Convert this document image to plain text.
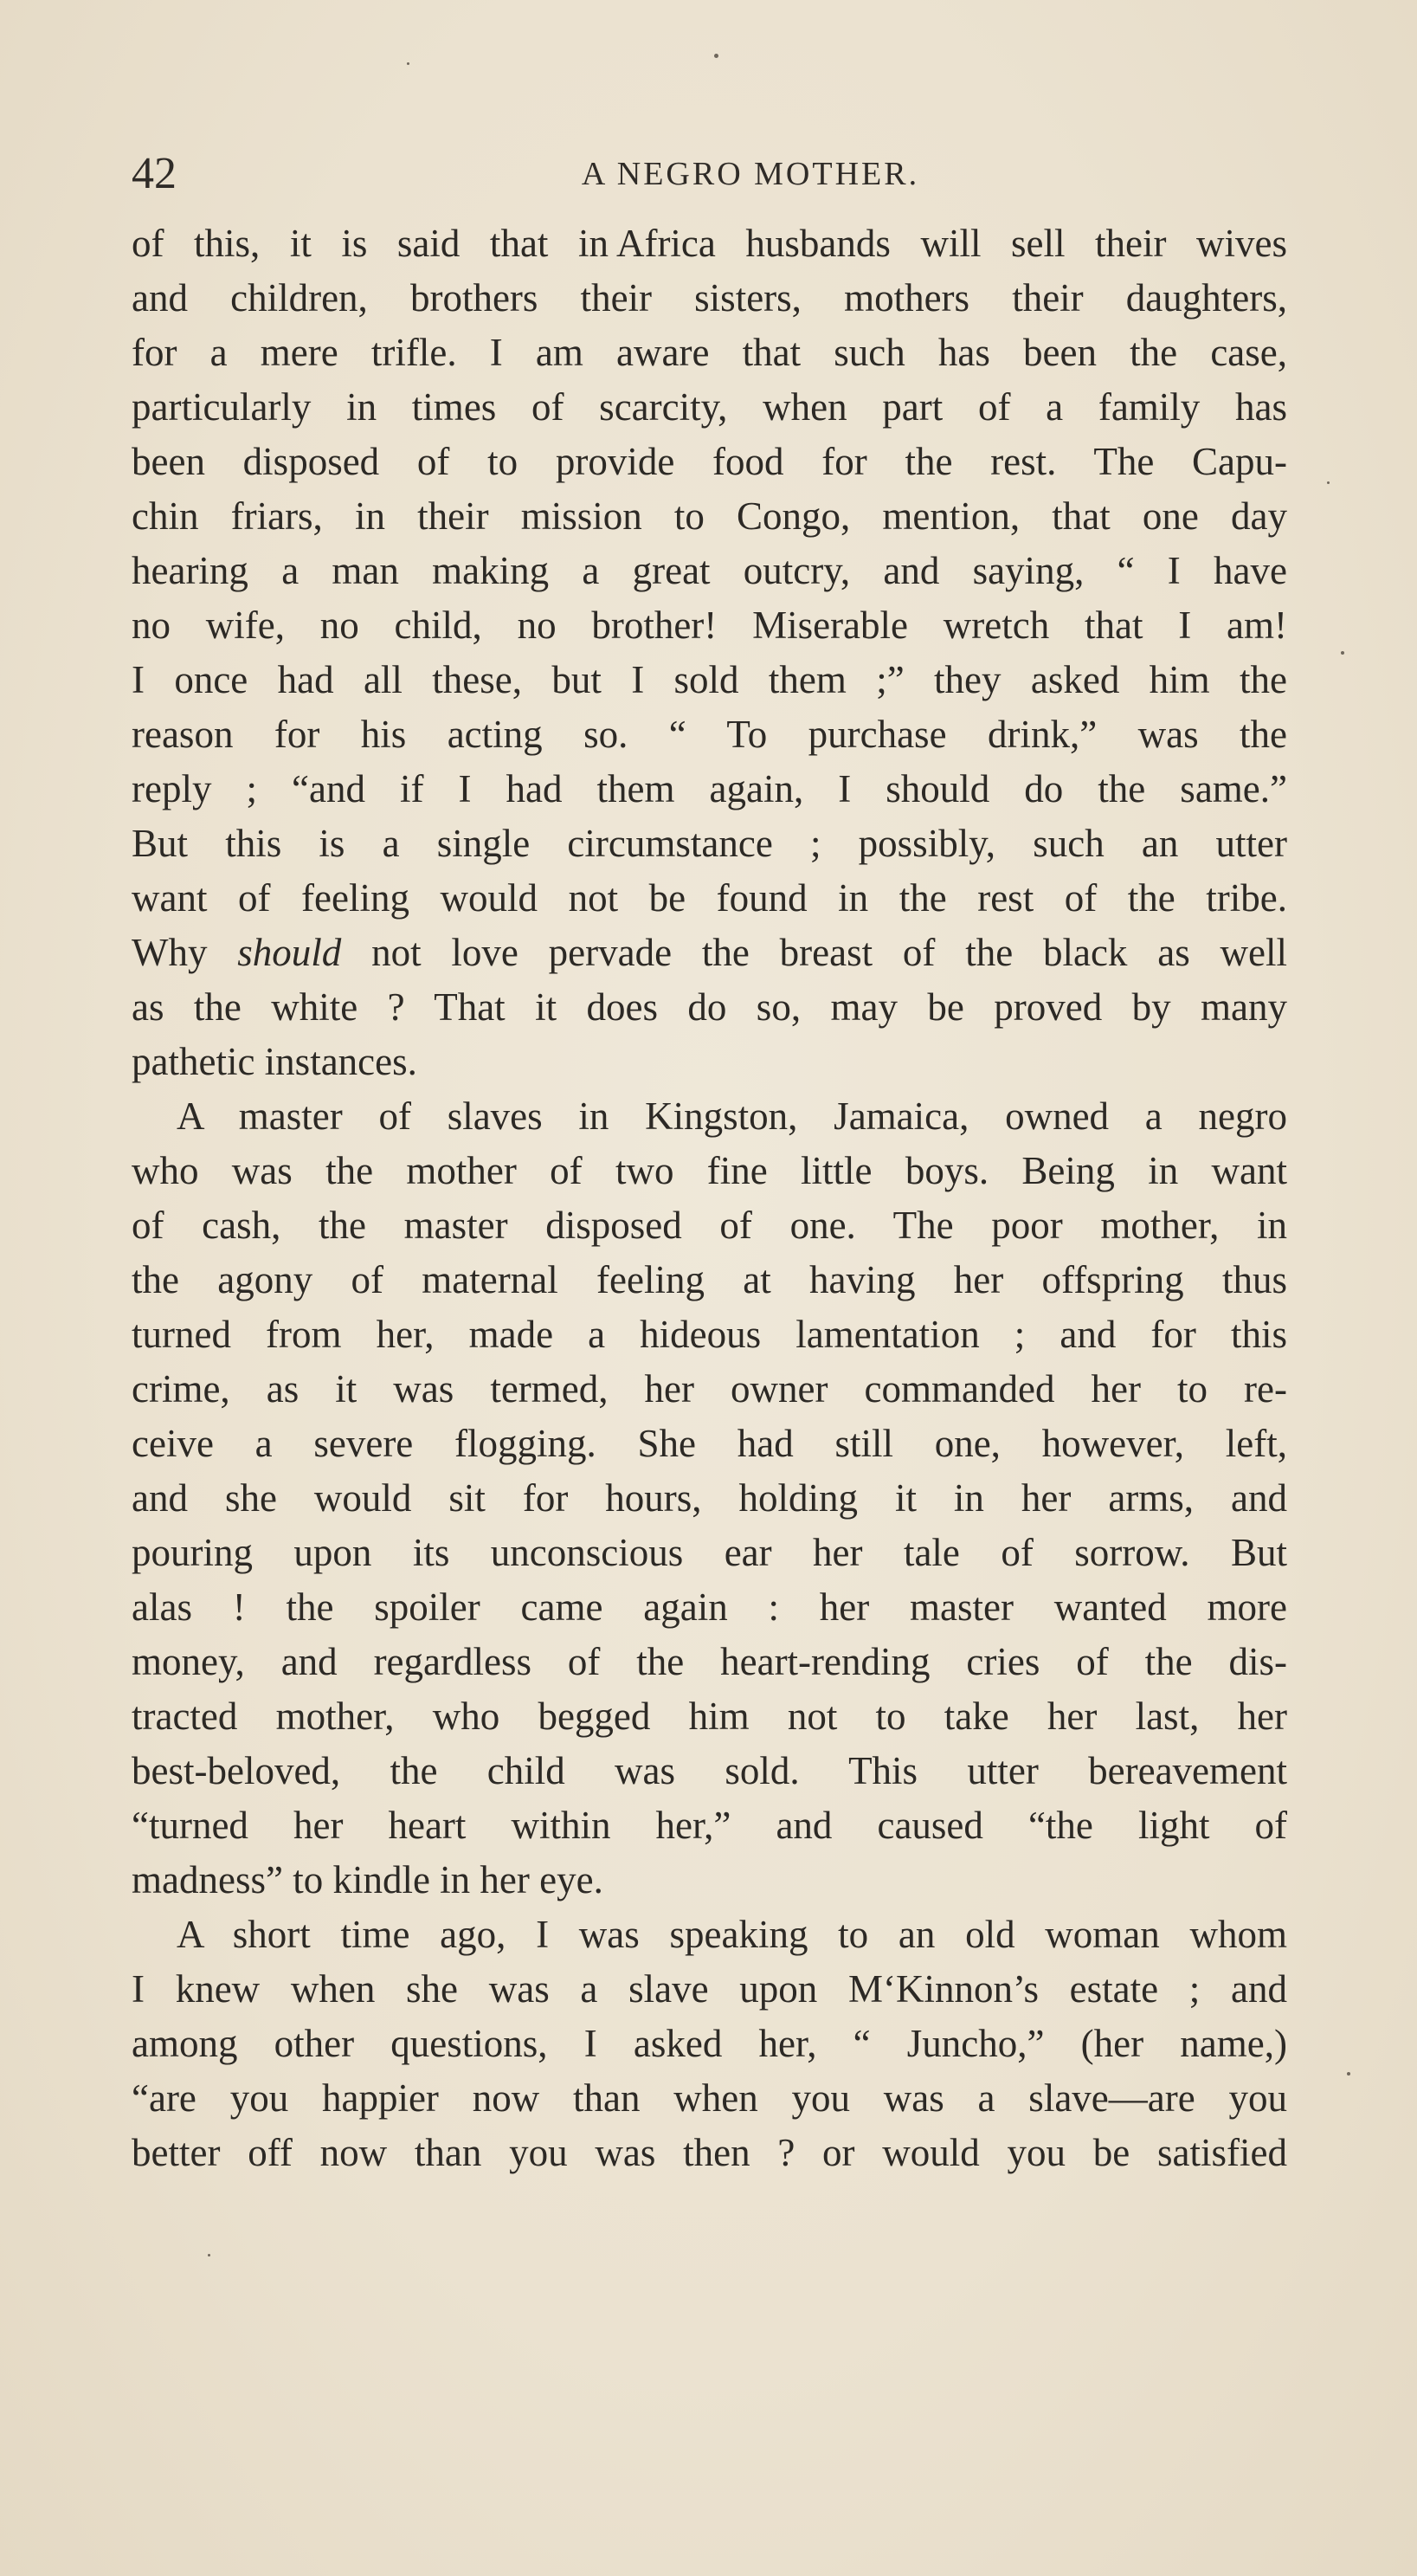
42	A NEGRO MOTHER.
of this, it is said that in Africa husbands will sell their wives
and children, brothers their sisters, mothers their daughters,
for a mere trifle. I am aware that such has been the case,
particularly in times of scarcity, when part of a family has
been disposed of to provide food for the rest. The Capu-
chin friars, in their mission to Congo, mention, that one day
hearing a man making a great outcry, and saying, “ I have
no wife, no child, no brother! Miserable wretch that I am!
I once had all these, but I sold them ;” they asked him the
reason for his acting so. “ To purchase drink,” was the
reply ; “and if I had them again, I should do the same.”
But this is a single circumstance ; possibly, such an utter
want of feeling would not be found in the rest of the tribe.
Why should not love pervade the breast of the black as well
as the white ? That it does do so, may be proved by many
pathetic instances.
A master of slaves in Kingston, Jamaica, owned a negro
who was the mother of two fine little boys. Being in want
of cash, the master disposed of one. The poor mother, in
the agony of maternal feeling at having her offspring thus
turned from her, made a hideous lamentation ; and for this
crime, as it was termed, her owner commanded her to re-
ceive a severe flogging. She had still one, however, left,
and she would sit for hours, holding it in her arms, and
pouring upon its unconscious ear her tale of sorrow. But
alas ! the spoiler came again : her master wanted more
money, and regardless of the heart-rending cries of the dis-
tracted mother, who begged him not to take her last, her
best-beloved, the child was sold. This utter bereavement
“turned her heart within her,” and caused “the light of
madness” to kindle in her eye.
A short time ago, I was speaking to an old woman whom
I knew when she was a slave upon M‘Kinnon’s estate ; and
among other questions, I asked her, “ Juncho,” (her name,)
“are you happier now than when you was a slave—are you
better off now than you was then ? or would you be satisfied
